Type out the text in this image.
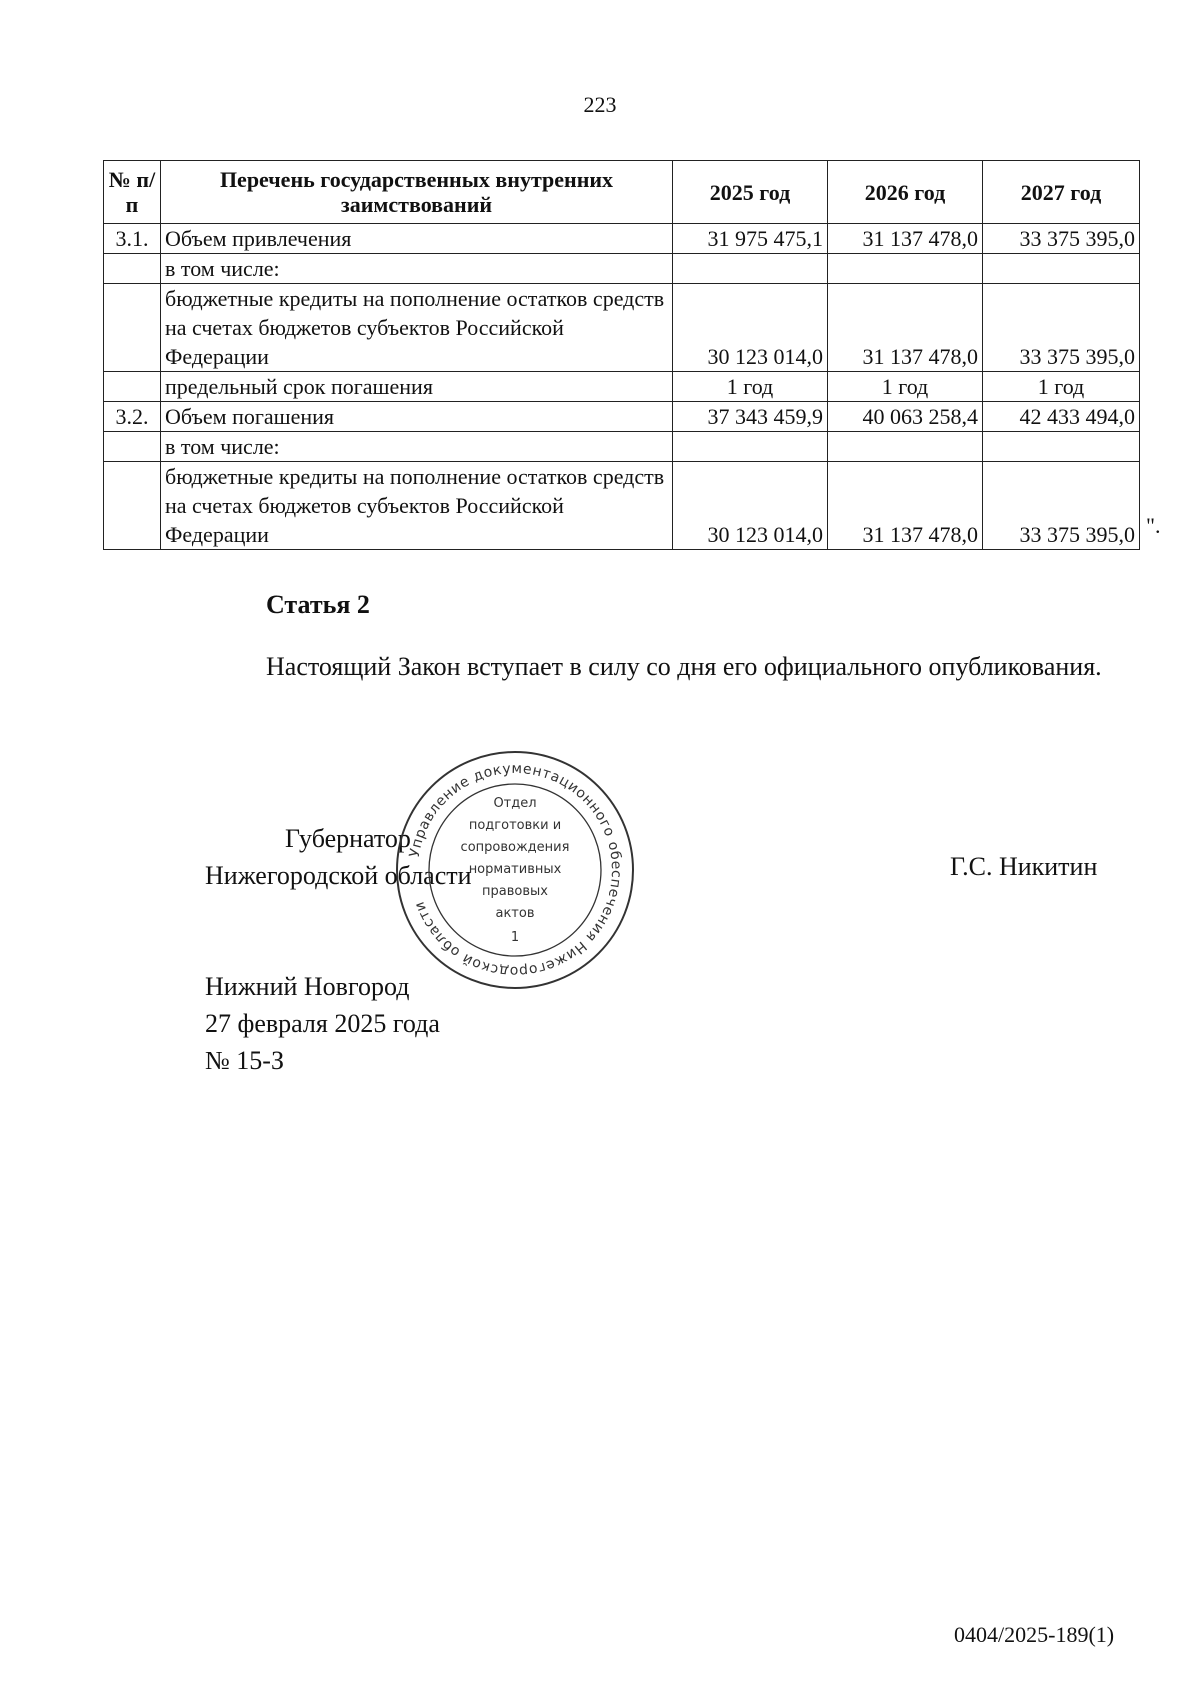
223
№ п/п	Перечень государственных внутренних заимствований	2025 год	2026 год	2027 год
3.1.	Объем привлечения	31 975 475,1	31 137 478,0	33 375 395,0
	в том числе:			
	бюджетные кредиты на пополнение остатков средств на счетах бюджетов субъектов Российской Федерации	30 123 014,0	31 137 478,0	33 375 395,0
	предельный срок погашения	1 год	1 год	1 год
3.2.	Объем погашения	37 343 459,9	40 063 258,4	42 433 494,0
	в том числе:			
	бюджетные кредиты на пополнение остатков средств на счетах бюджетов субъектов Российской Федерации	30 123 014,0	31 137 478,0	33 375 395,0 ".
Статья 2
Настоящий Закон вступает в силу со дня его официального опубликования.
Губернатор
Нижегородской области	Г.С. Никитин
Управление документационного обеспечения Нижегородской области
Отдел
подготовки и
сопровождения
нормативных
правовых
актов
1
Нижний Новгород
27 февраля 2025 года
№ 15-З
0404/2025-189(1)
